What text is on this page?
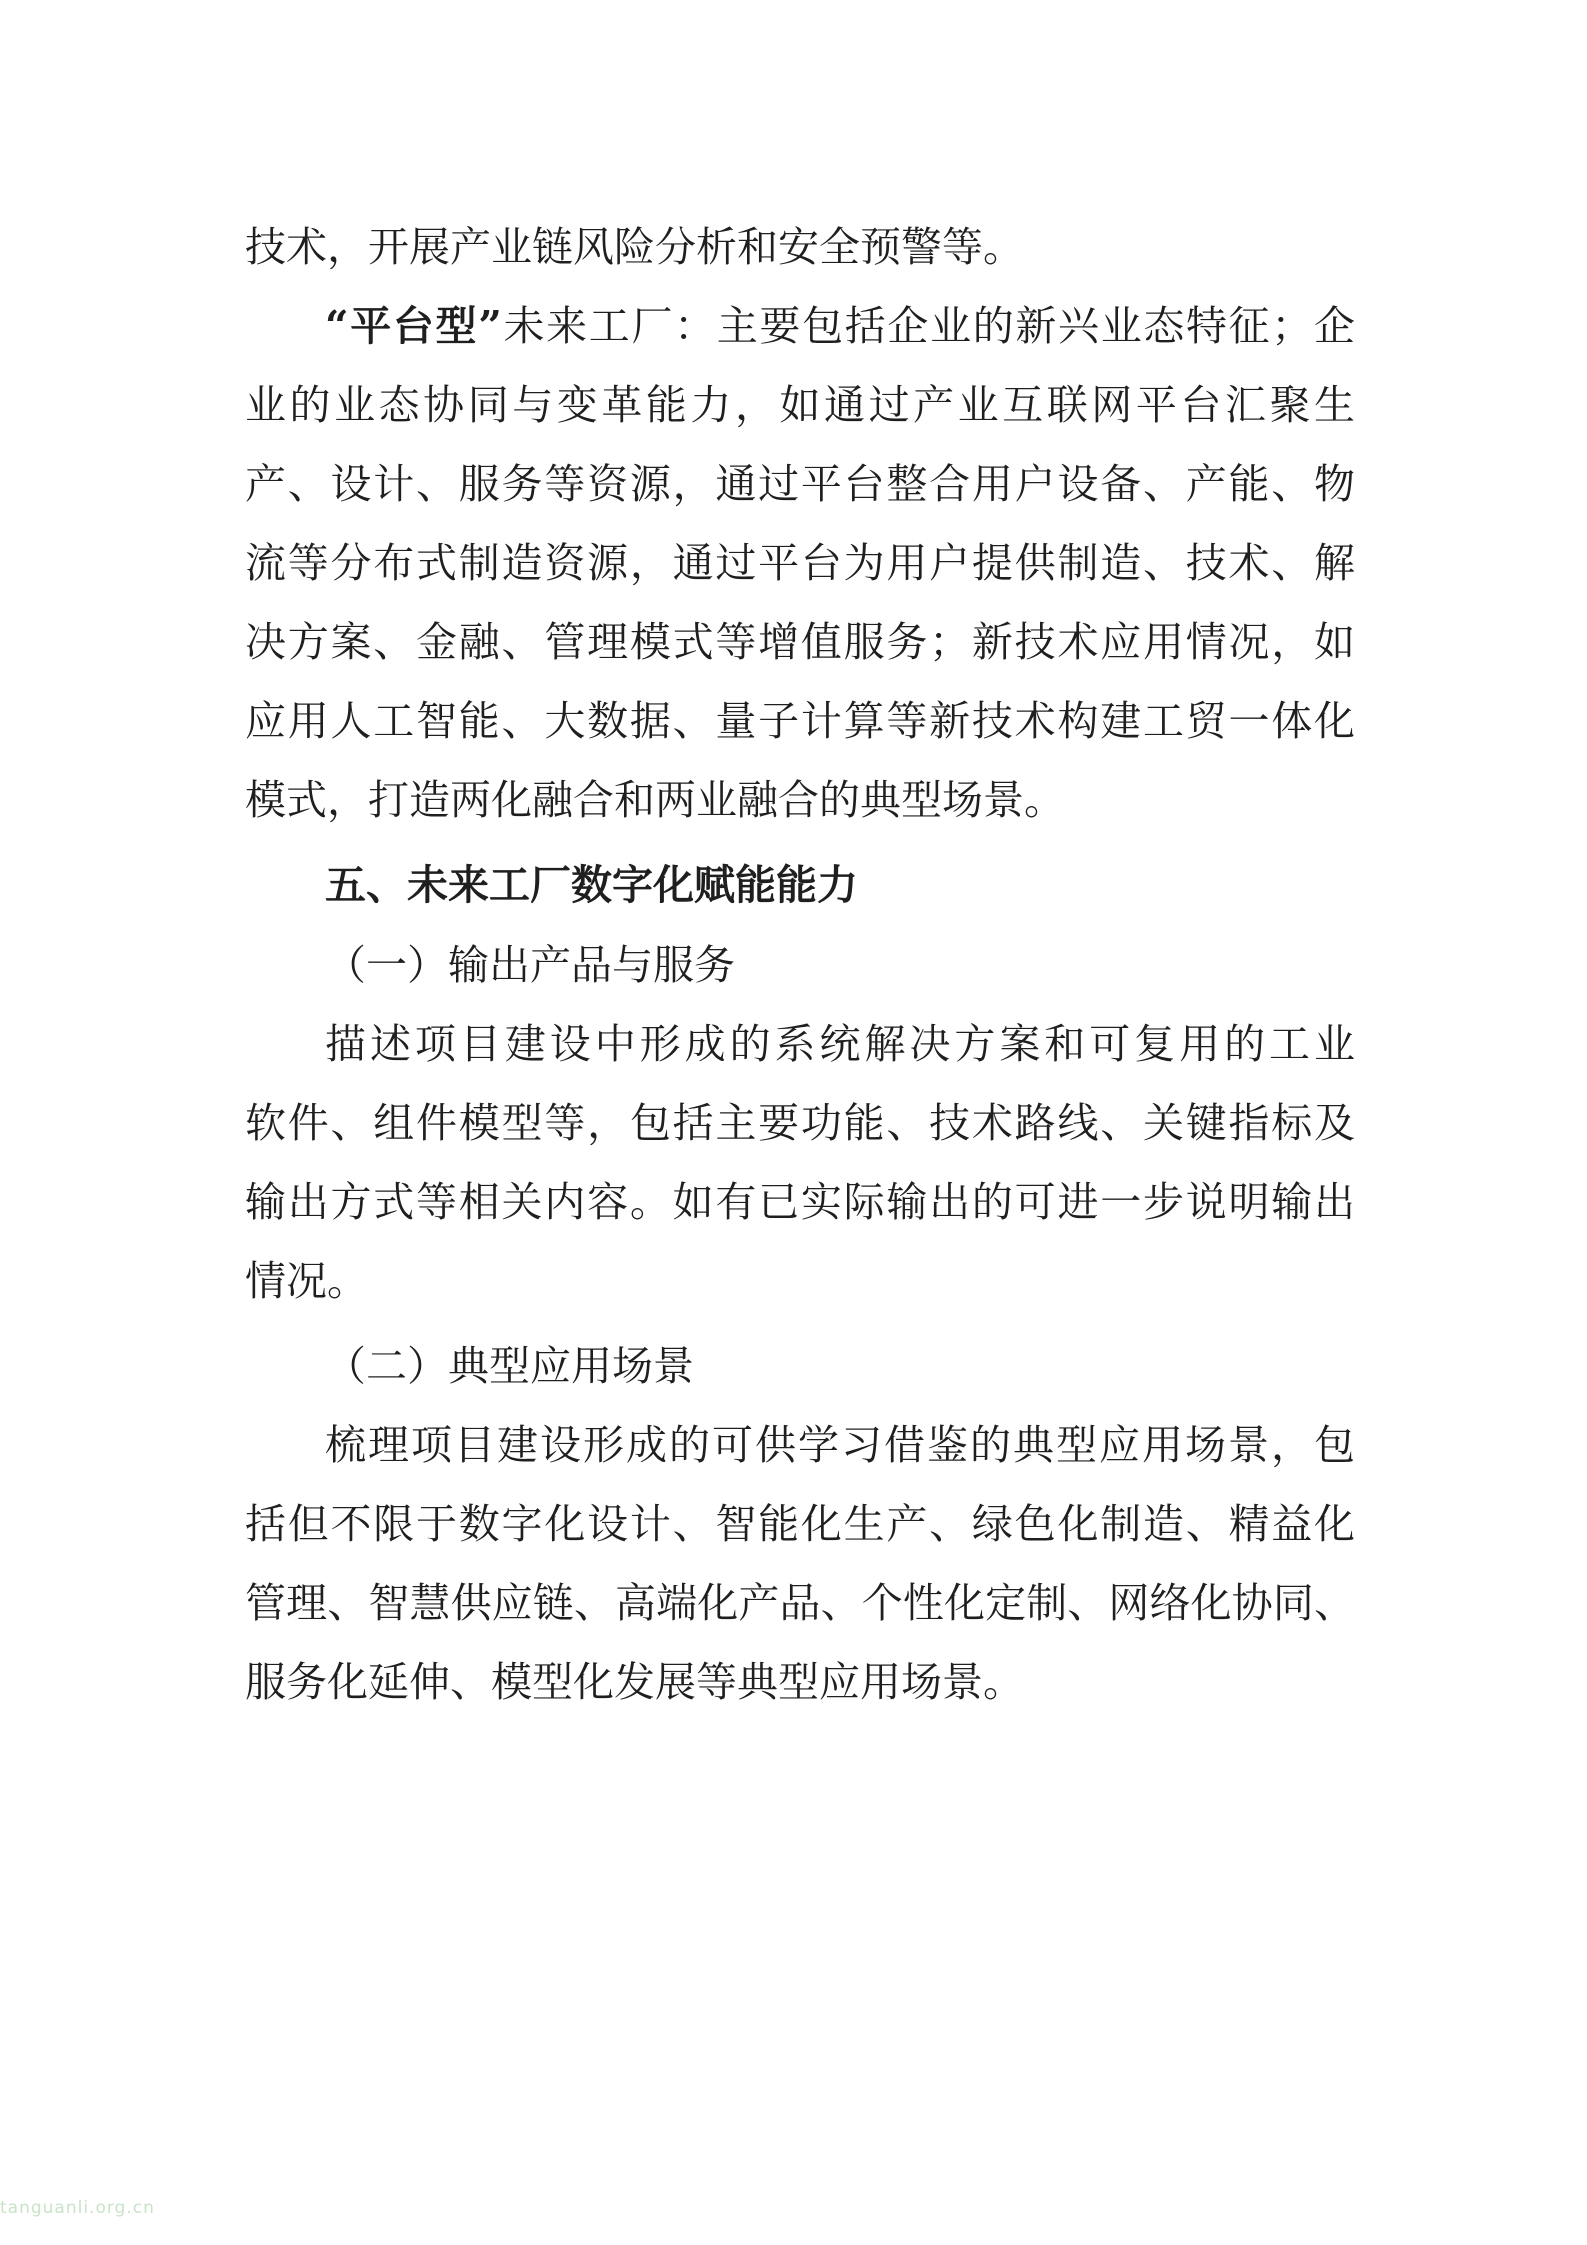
技术，开展产业链风险分析和安全预警等。
“平台型”未来工厂：主要包括企业的新兴业态特征；企
业的业态协同与变革能力，如通过产业互联网平台汇聚生
产、设计、服务等资源，通过平台整合用户设备、产能、物
流等分布式制造资源，通过平台为用户提供制造、技术、解
决方案、金融、管理模式等增值服务；新技术应用情况，如
应用人工智能、大数据、量子计算等新技术构建工贸一体化
模式，打造两化融合和两业融合的典型场景。
五、未来工厂数字化赋能能力
（一）输出产品与服务
描述项目建设中形成的系统解决方案和可复用的工业
软件、组件模型等，包括主要功能、技术路线、关键指标及
输出方式等相关内容。如有已实际输出的可进一步说明输出
情况。
（二）典型应用场景
梳理项目建设形成的可供学习借鉴的典型应用场景，包
括但不限于数字化设计、智能化生产、绿色化制造、精益化
管理、智慧供应链、高端化产品、个性化定制、网络化协同、
服务化延伸、模型化发展等典型应用场景。
tanguanli.org.cn
